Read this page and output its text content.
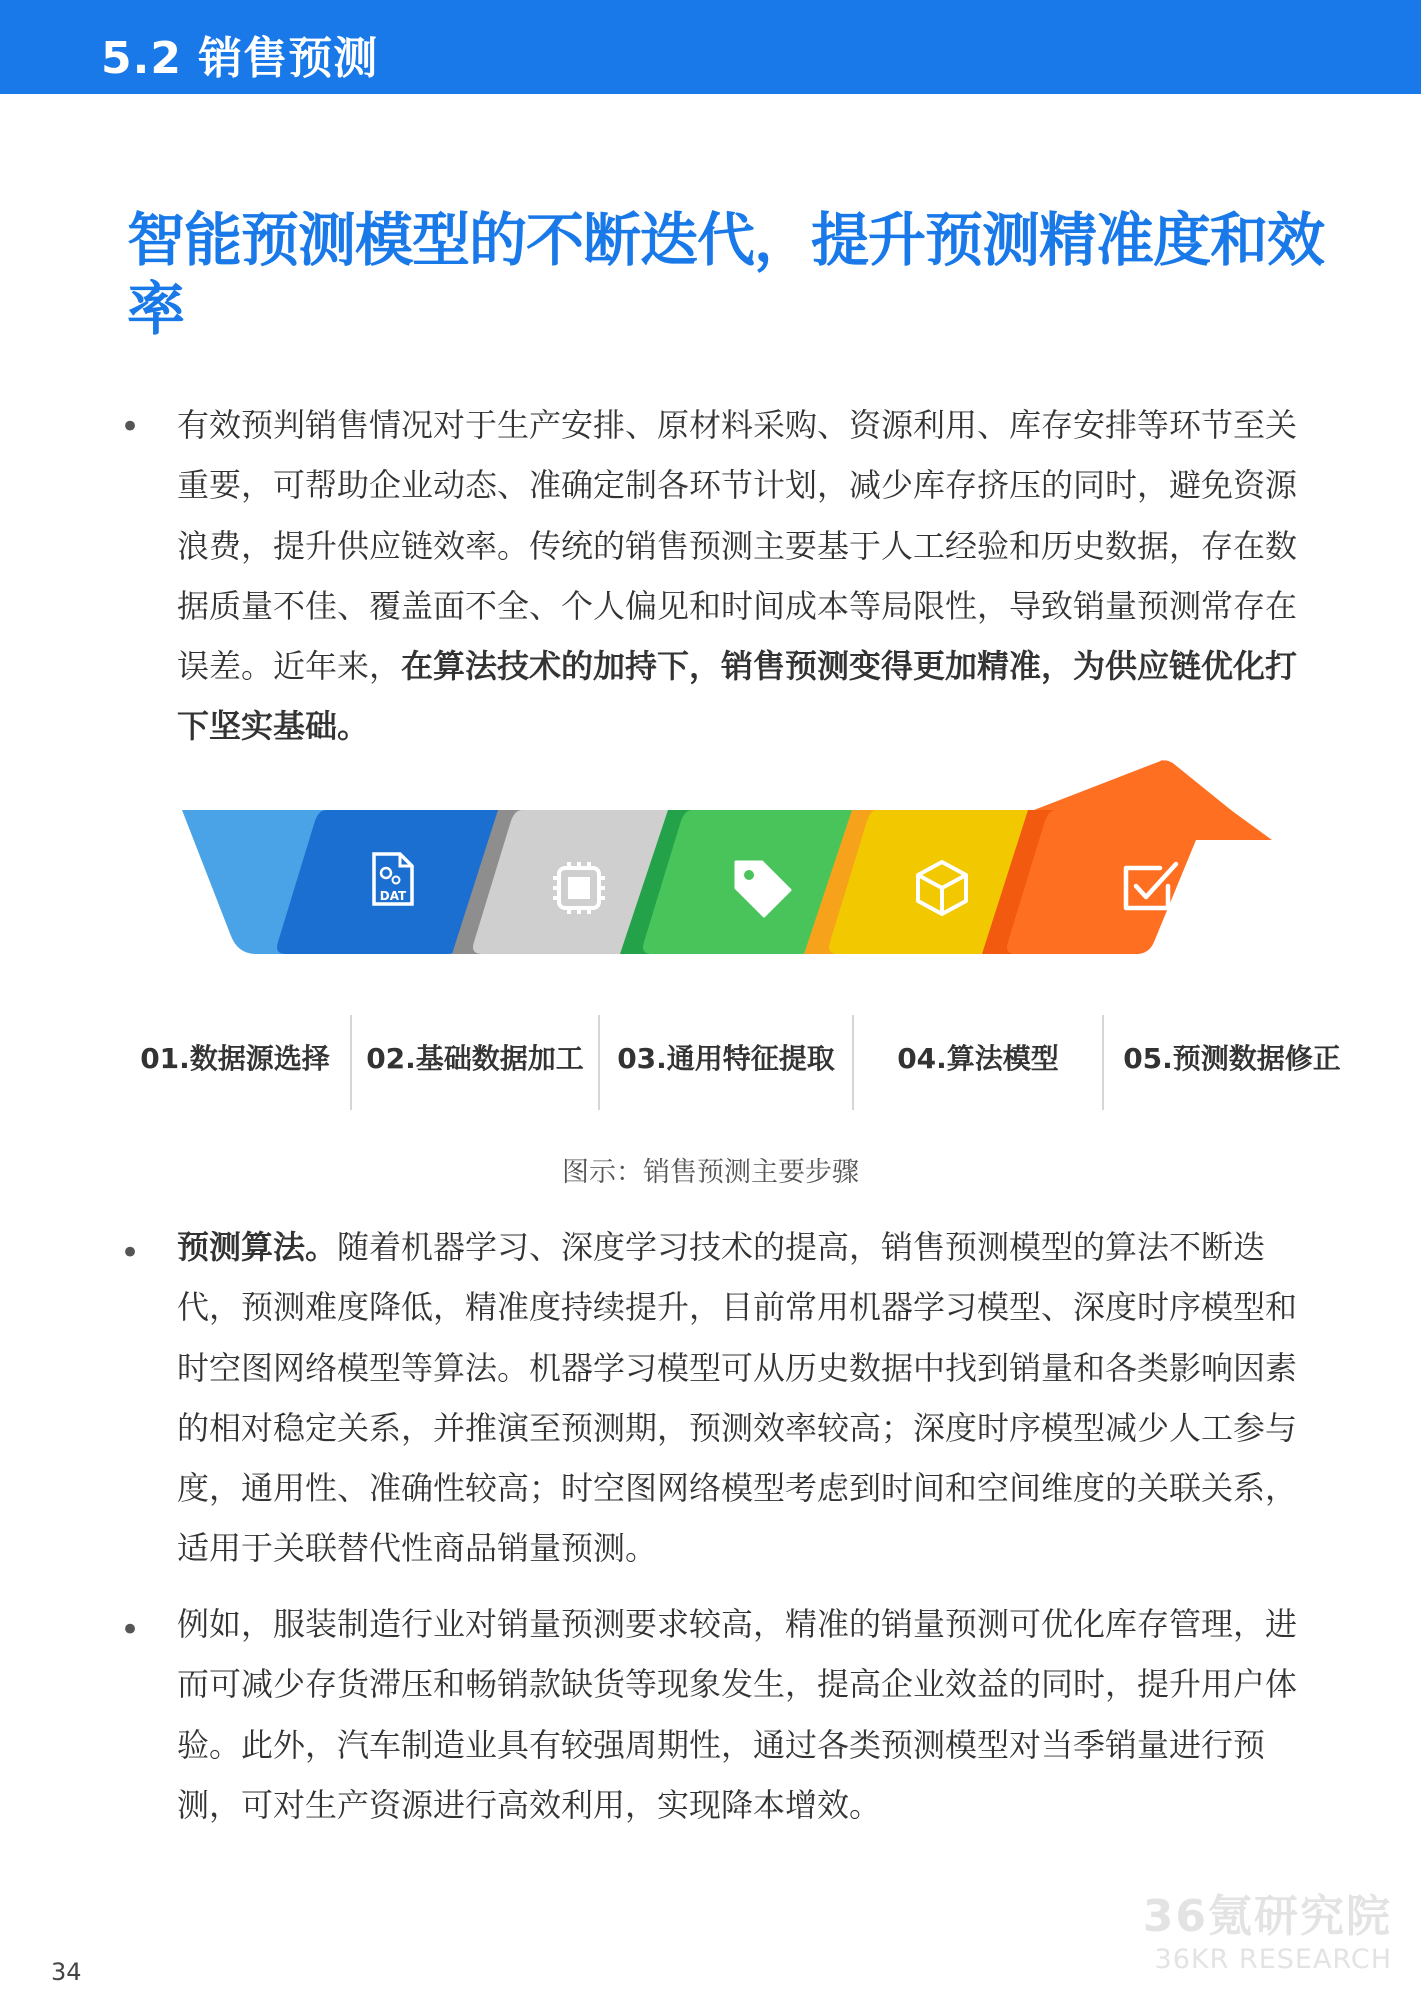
5.2 销售预测
智能预测模型的不断迭代，提升预测精准度和效率
• 有效预判销售情况对于生产安排、原材料采购、资源利用、库存安排等环节至关重要，可帮助企业动态、准确定制各环节计划，减少库存挤压的同时，避免资源浪费，提升供应链效率。传统的销售预测主要基于人工经验和历史数据，存在数据质量不佳、覆盖面不全、个人偏见和时间成本等局限性，导致销量预测常存在误差。近年来，在算法技术的加持下，销售预测变得更加精准，为供应链优化打下坚实基础。
DAT
01.数据源选择	02.基础数据加工	03.通用特征提取	04.算法模型	05.预测数据修正
图示：销售预测主要步骤
• 预测算法。随着机器学习、深度学习技术的提高，销售预测模型的算法不断迭代，预测难度降低，精准度持续提升，目前常用机器学习模型、深度时序模型和时空图网络模型等算法。机器学习模型可从历史数据中找到销量和各类影响因素的相对稳定关系，并推演至预测期，预测效率较高；深度时序模型减少人工参与度，通用性、准确性较高；时空图网络模型考虑到时间和空间维度的关联关系，适用于关联替代性商品销量预测。
• 例如，服装制造行业对销量预测要求较高，精准的销量预测可优化库存管理，进而可减少存货滞压和畅销款缺货等现象发生，提高企业效益的同时，提升用户体验。此外，汽车制造业具有较强周期性，通过各类预测模型对当季销量进行预测，可对生产资源进行高效利用，实现降本增效。
34
36氪研究院
36KR RESEARCH
